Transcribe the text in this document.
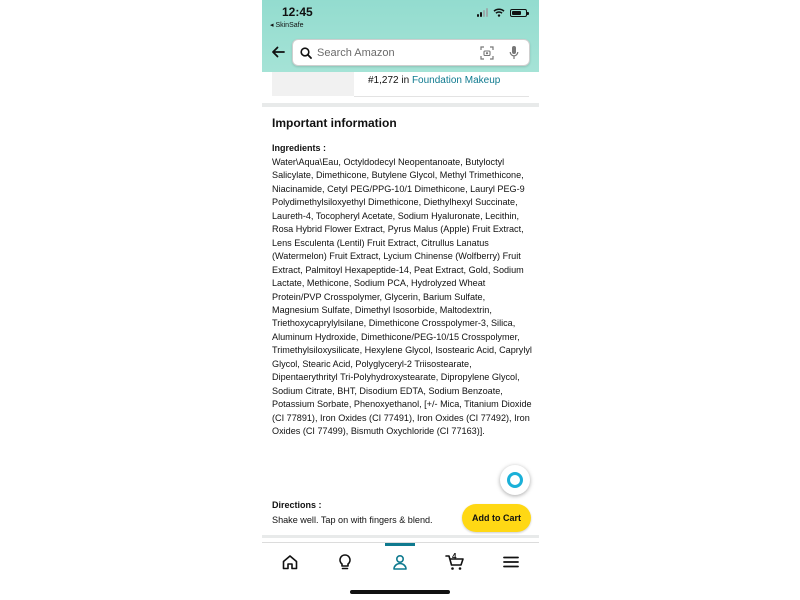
12:45
◂ SkinSafe
Search Amazon
#1,272 in Foundation Makeup
Important information
Ingredients :
Water\Aqua\Eau, Octyldodecyl Neopentanoate, Butyloctyl Salicylate, Dimethicone, Butylene Glycol, Methyl Trimethicone, Niacinamide, Cetyl PEG/PPG-10/1 Dimethicone, Lauryl PEG-9 Polydimethylsiloxyethyl Dimethicone, Diethylhexyl Succinate, Laureth-4, Tocopheryl Acetate, Sodium Hyaluronate, Lecithin, Rosa Hybrid Flower Extract, Pyrus Malus (Apple) Fruit Extract, Lens Esculenta (Lentil) Fruit Extract, Citrullus Lanatus (Watermelon) Fruit Extract, Lycium Chinense (Wolfberry) Fruit Extract, Palmitoyl Hexapeptide-14, Peat Extract, Gold, Sodium Lactate, Methicone, Sodium PCA, Hydrolyzed Wheat Protein/PVP Crosspolymer, Glycerin, Barium Sulfate, Magnesium Sulfate, Dimethyl Isosorbide, Maltodextrin, Triethoxycaprylylsilane, Dimethicone Crosspolymer-3, Silica, Aluminum Hydroxide, Dimethicone/PEG-10/15 Crosspolymer, Trimethylsiloxysilicate, Hexylene Glycol, Isostearic Acid, Caprylyl Glycol, Stearic Acid, Polyglyceryl-2 Triisostearate, Dipentaerythrityl Tri-Polyhydroxystearate, Dipropylene Glycol, Sodium Citrate, BHT, Disodium EDTA, Sodium Benzoate, Potassium Sorbate, Phenoxyethanol, [+/- Mica, Titanium Dioxide (CI 77891), Iron Oxides (CI 77491), Iron Oxides (CI 77492), Iron Oxides (CI 77499), Bismuth Oxychloride (CI 77163)].
Directions :
Shake well. Tap on with fingers & blend.	Add to Cart
4
